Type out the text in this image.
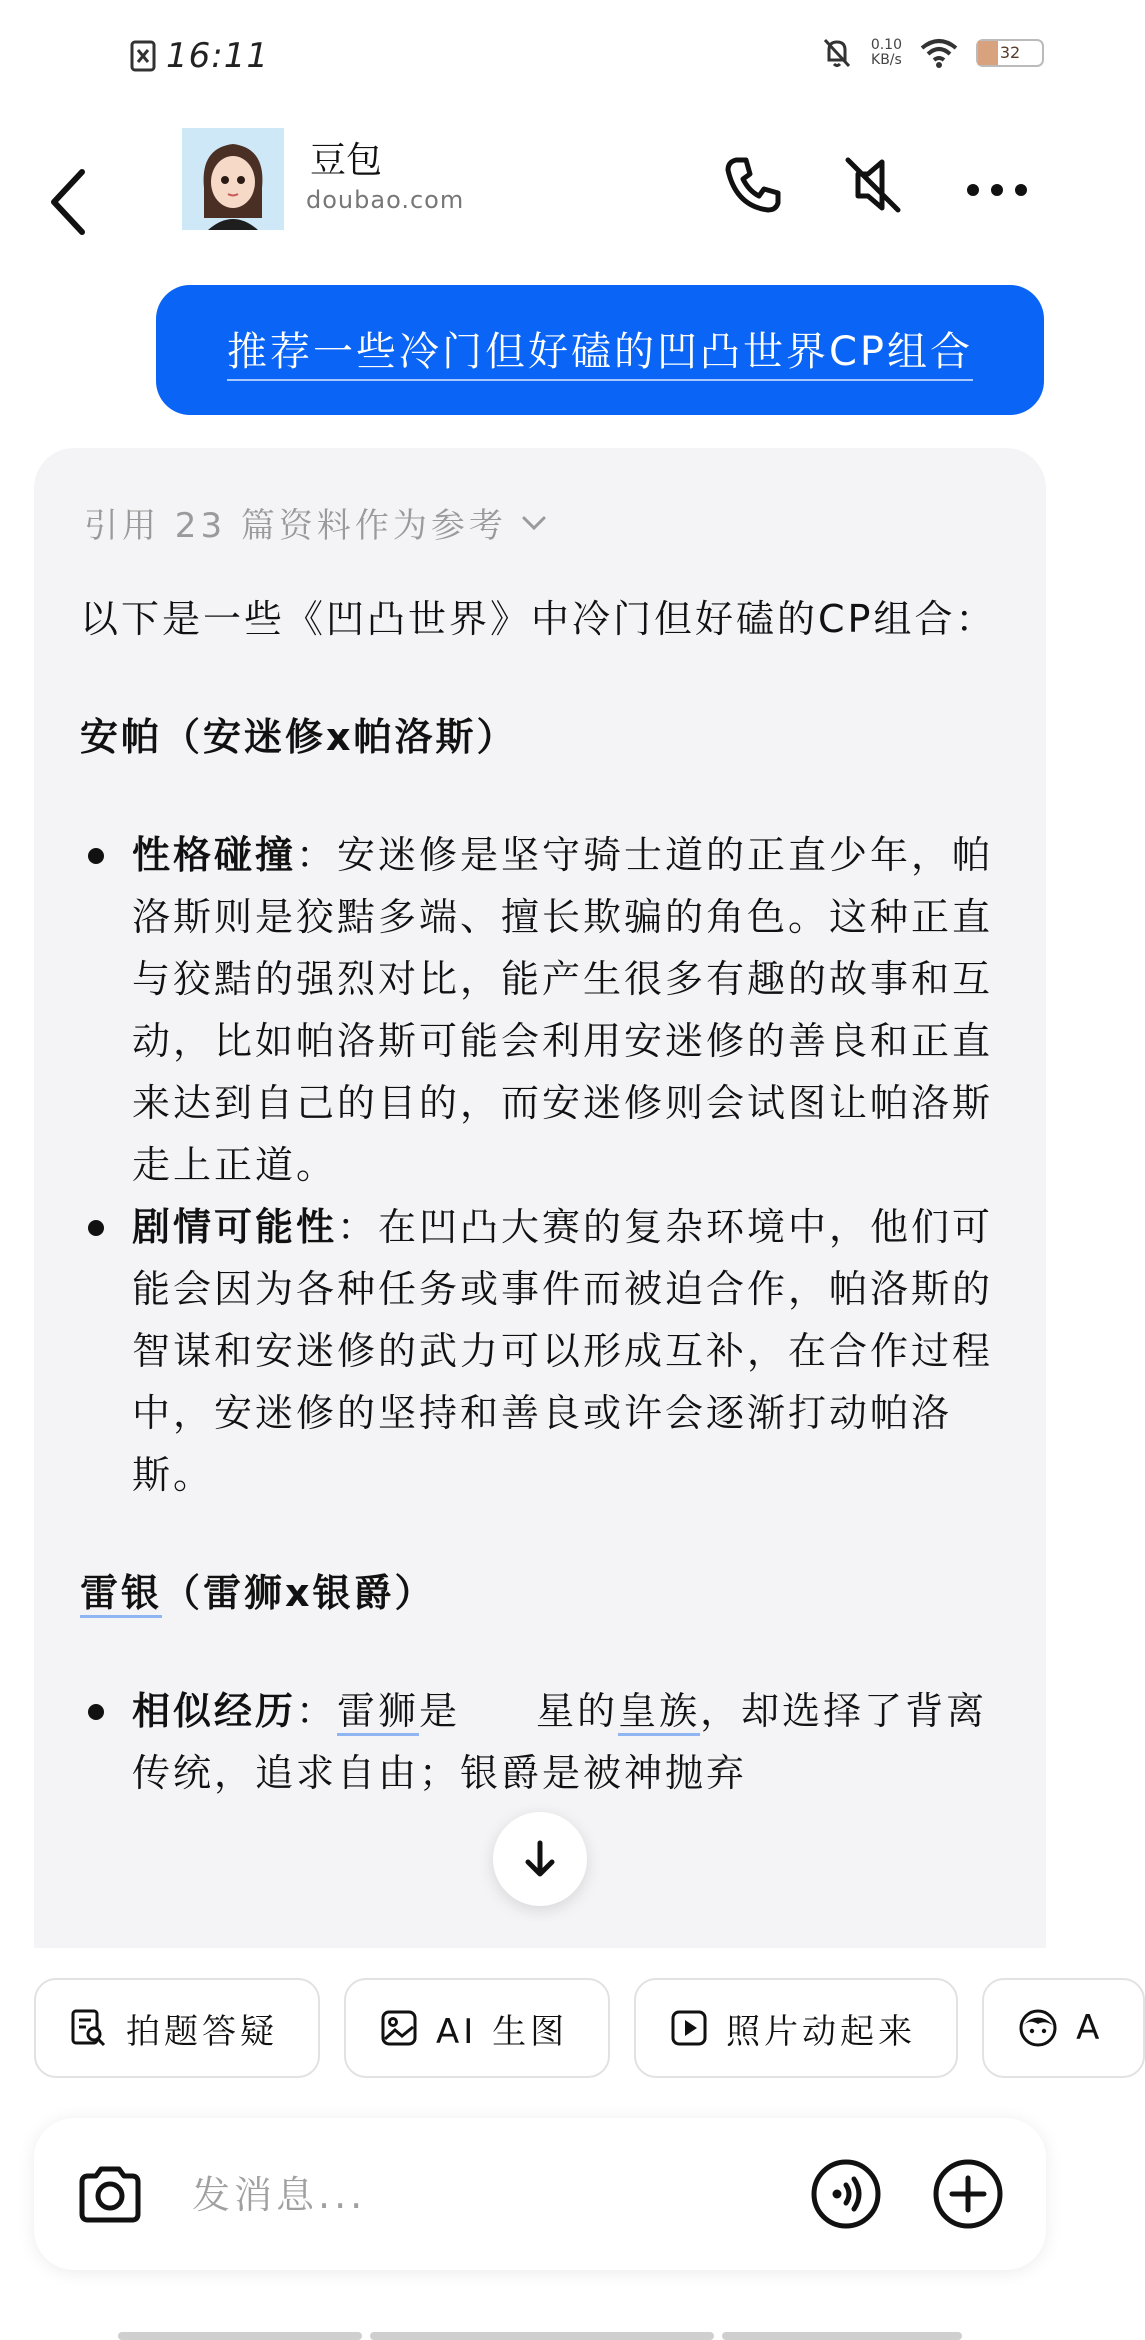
16:11	0.10
KB/s	32
豆包
doubao.com
推荐一些冷门但好磕的凹凸世界CP组合
引用 23 篇资料作为参考

以下是一些《凹凸世界》中冷门但好磕的CP组合：

安帕（安迷修x帕洛斯）

性格碰撞：安迷修是坚守骑士道的正直少年，帕洛斯则是狡黠多端、擅长欺骗的角色。这种正直与狡黠的强烈对比，能产生很多有趣的故事和互动，比如帕洛斯可能会利用安迷修的善良和正直来达到自己的目的，而安迷修则会试图让帕洛斯走上正道。
剧情可能性：在凹凸大赛的复杂环境中，他们可能会因为各种任务或事件而被迫合作，帕洛斯的智谋和安迷修的武力可以形成互补，在合作过程中，安迷修的坚持和善良或许会逐渐打动帕洛斯。

雷银（雷狮x银爵）

相似经历：雷狮是 星的皇族，却选择了背离传统，追求自由；银爵是被神抛弃
拍题答疑	AI 生图	照片动起来	A
发消息...
